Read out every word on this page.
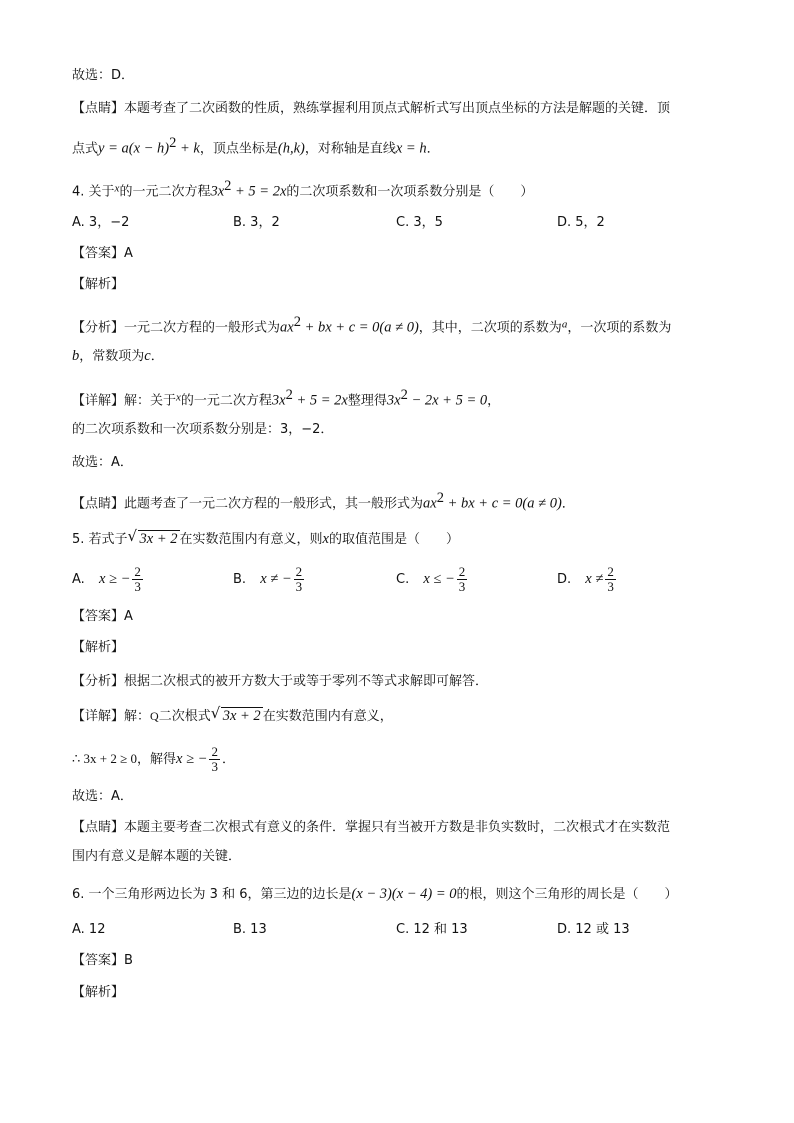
故选：D．
【点睛】本题考查了二次函数的性质，熟练掌握利用顶点式解析式写出顶点坐标的方法是解题的关键．顶
点式$y = a(x - h)^2 + k$，顶点坐标是(h,k)，对称轴是直线x = h．
4. 关于$^x$的一元二次方程$3x^2 + 5 = 2x$的二次项系数和一次项系数分别是（　　）
A. 3，−2	B. 3，2	C. 3，5	D. 5，2
【答案】A
【解析】
【分析】一元二次方程的一般形式为$ax^2$ + bx + c = 0(a ≠ 0)，其中，二次项的系数为$^a$，一次项的系数为
b，常数项为c．
【详解】解：关于$^x$的一元二次方程$3x^2 + 5 = 2x$整理得$3x^2 - 2x + 5 = 0$，
的二次项系数和一次项系数分别是：3，−2．
故选：A．
【点睛】此题考查了一元二次方程的一般形式，其一般形式为$ax^2$ + bx + c = 0(a ≠ 0)．
5. 若式子 √ 3x + 2 在实数范围内有意义，则x的取值范围是（　　）
A. x ≥ − $\frac{2}{3}$	B. x ≠ − $\frac{2}{3}$	C. x ≤ − $\frac{2}{3}$	D. $x \ne \frac{2}{3}$
【答案】A
【解析】
【分析】根据二次根式的被开方数大于或等于零列不等式求解即可解答．
【详解】解：Q二次根式 √ 3x + 2 在实数范围内有意义，
∴ 3x + 2 ≥ 0，解得x ≥ − $\frac{2}{3}$ ．
故选：A．
【点睛】本题主要考查二次根式有意义的条件．掌握只有当被开方数是非负实数时，二次根式才在实数范
围内有意义是解本题的关键．
6. 一个三角形两边长为 3 和 6，第三边的边长是(x − 3)(x − 4) = 0的根，则这个三角形的周长是（　　）
A. 12	B. 13	C. 12 和 13	D. 12 或 13
【答案】B
【解析】
